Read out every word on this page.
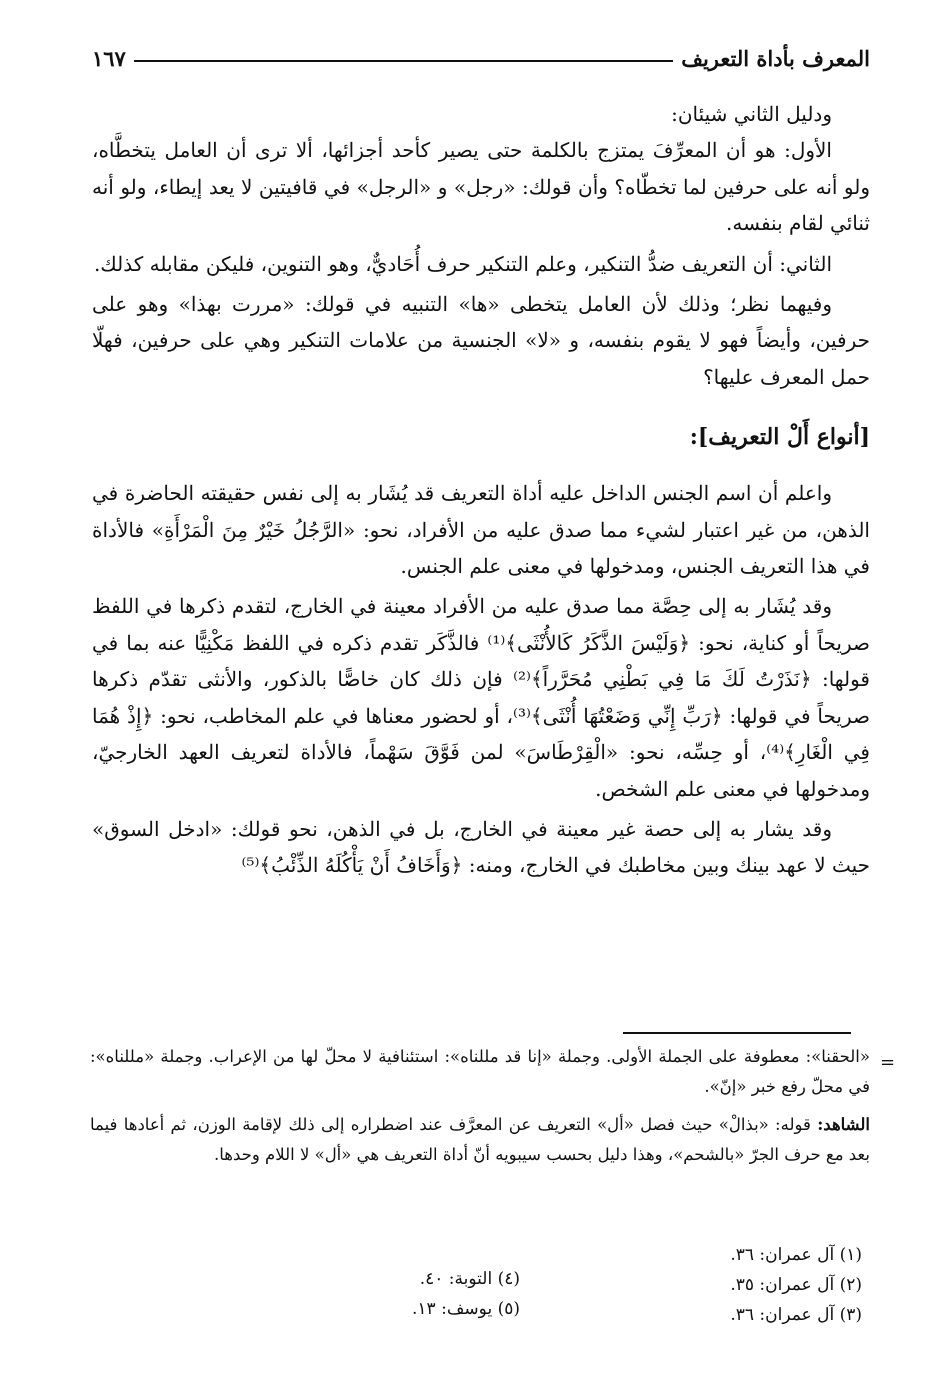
المعرف بأداة التعريف
١٦٧

ودليل الثاني شيئان:

الأول: هو أن المعرِّفَ يمتزج بالكلمة حتى يصير كأحد أجزائها، ألا ترى أن العامل يتخطَّاه، ولو أنه على حرفين لما تخطّاه؟ وأن قولك: «رجل» و «الرجل» في قافيتين لا يعد إيطاء، ولو أنه ثنائي لقام بنفسه.

الثاني: أن التعريف ضدُّ التنكير، وعلم التنكير حرف أُحَاديٌّ، وهو التنوين، فليكن مقابله كذلك.

وفيهما نظر؛ وذلك لأن العامل يتخطى «ها» التنبيه في قولك: «مررت بهذا» وهو على حرفين، وأيضاً فهو لا يقوم بنفسه، و «لا» الجنسية من علامات التنكير وهي على حرفين، فهلّا حمل المعرف عليها؟

[أنواع أَلْ التعريف]:

واعلم أن اسم الجنس الداخل عليه أداة التعريف قد يُشَار به إلى نفس حقيقته الحاضرة في الذهن، من غير اعتبار لشيء مما صدق عليه من الأفراد، نحو: «الرَّجُلُ خَيْرٌ مِنَ الْمَرْأَةِ» فالأداة في هذا التعريف الجنس، ومدخولها في معنى علم الجنس.

وقد يُشَار به إلى حِصَّة مما صدق عليه من الأفراد معينة في الخارج، لتقدم ذكرها في اللفظ صريحاً أو كناية، نحو: ﴿وَلَيْسَ الذَّكَرُ كَالأُنْثَى﴾⁽¹⁾ فالذَّكَر تقدم ذكره في اللفظ مَكْنِيًّا عنه بما في قولها: ﴿نَذَرْتُ لَكَ مَا فِي بَطْنِي مُحَرَّراً﴾⁽²⁾ فإن ذلك كان خاصًّا بالذكور، والأنثى تقدّم ذكرها صريحاً في قولها: ﴿رَبِّ إِنِّي وَضَعْتُهَا أُنْثَى﴾⁽³⁾، أو لحضور معناها في علم المخاطب، نحو: ﴿إِذْ هُمَا فِي الْغَارِ﴾⁽⁴⁾، أو حِسِّه، نحو: «الْقِرْطَاسَ» لمن فَوَّقَ سَهْماً، فالأداة لتعريف العهد الخارجيّ، ومدخولها في معنى علم الشخص.

وقد يشار به إلى حصة غير معينة في الخارج، بل في الذهن، نحو قولك: «ادخل السوق» حيث لا عهد بينك وبين مخاطبك في الخارج، ومنه: ﴿وَأَخَافُ أَنْ يَأْكُلَهُ الذِّئْبُ﴾⁽⁵⁾

=

«الحقنا»: معطوفة على الجملة الأولى. وجملة «إنا قد مللناه»: استئنافية لا محلّ لها من الإعراب. وجملة «مللناه»: في محلّ رفع خبر «إنّ».

الشاهد: قوله: «بذالْ» حيث فصل «أل» التعريف عن المعرَّف عند اضطراره إلى ذلك لإقامة الوزن، ثم أعادها فيما بعد مع حرف الجرّ «بالشحم»، وهذا دليل بحسب سيبويه أنّ أداة التعريف هي «أل» لا اللام وحدها.

(١) آل عمران: ٣٦.
(٢) آل عمران: ٣٥.
(٣) آل عمران: ٣٦.
(٤) التوبة: ٤٠.
(٥) يوسف: ١٣.
